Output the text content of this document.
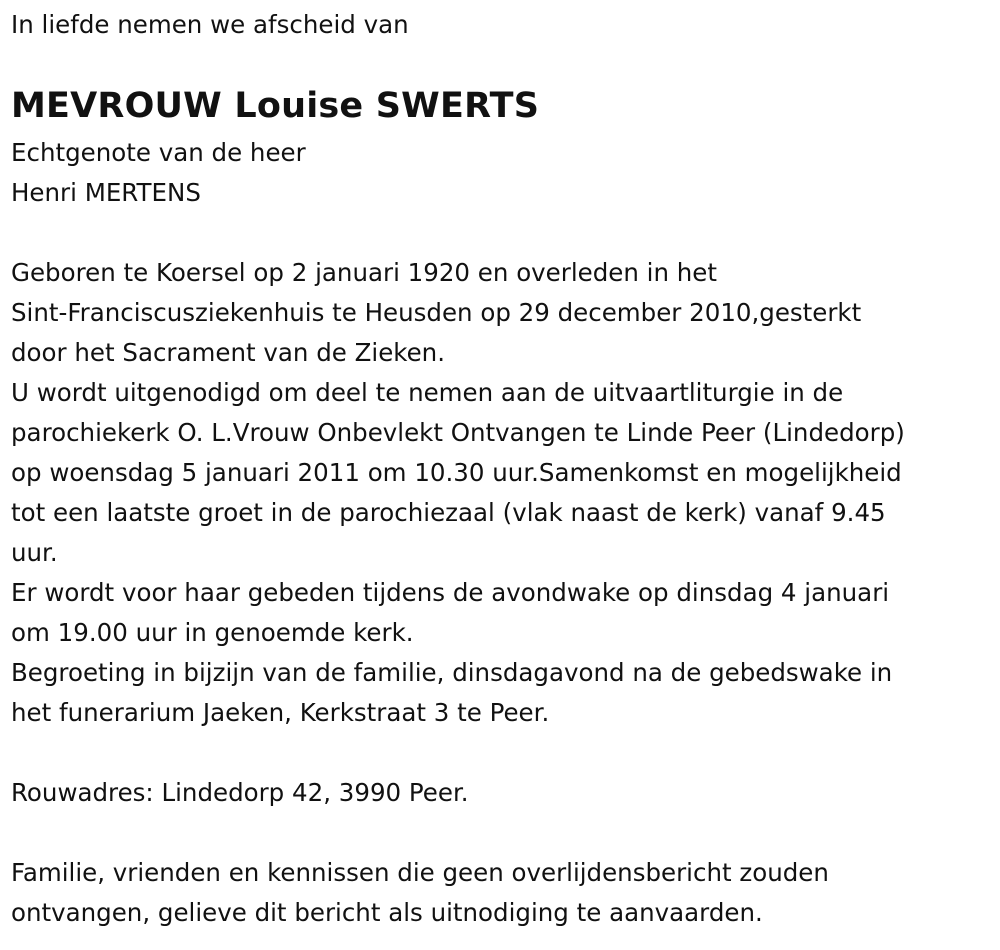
In liefde nemen we afscheid van

MEVROUW Louise SWERTS

Echtgenote van de heer

Henri MERTENS

Geboren te Koersel op 2 januari 1920 en overleden in het

Sint-Franciscusziekenhuis te Heusden op 29 december 2010,gesterkt

door het Sacrament van de Zieken.

U wordt uitgenodigd om deel te nemen aan de uitvaartliturgie in de

parochiekerk O. L.Vrouw Onbevlekt Ontvangen te Linde Peer (Lindedorp)

op woensdag 5 januari 2011 om 10.30 uur.Samenkomst en mogelijkheid

tot een laatste groet in de parochiezaal (vlak naast de kerk) vanaf 9.45

uur.

Er wordt voor haar gebeden tijdens de avondwake op dinsdag 4 januari

om 19.00 uur in genoemde kerk.

Begroeting in bijzijn van de familie, dinsdagavond na de gebedswake in

het funerarium Jaeken, Kerkstraat 3 te Peer.

Rouwadres: Lindedorp 42, 3990 Peer.

Familie, vrienden en kennissen die geen overlijdensbericht zouden

ontvangen, gelieve dit bericht als uitnodiging te aanvaarden.
